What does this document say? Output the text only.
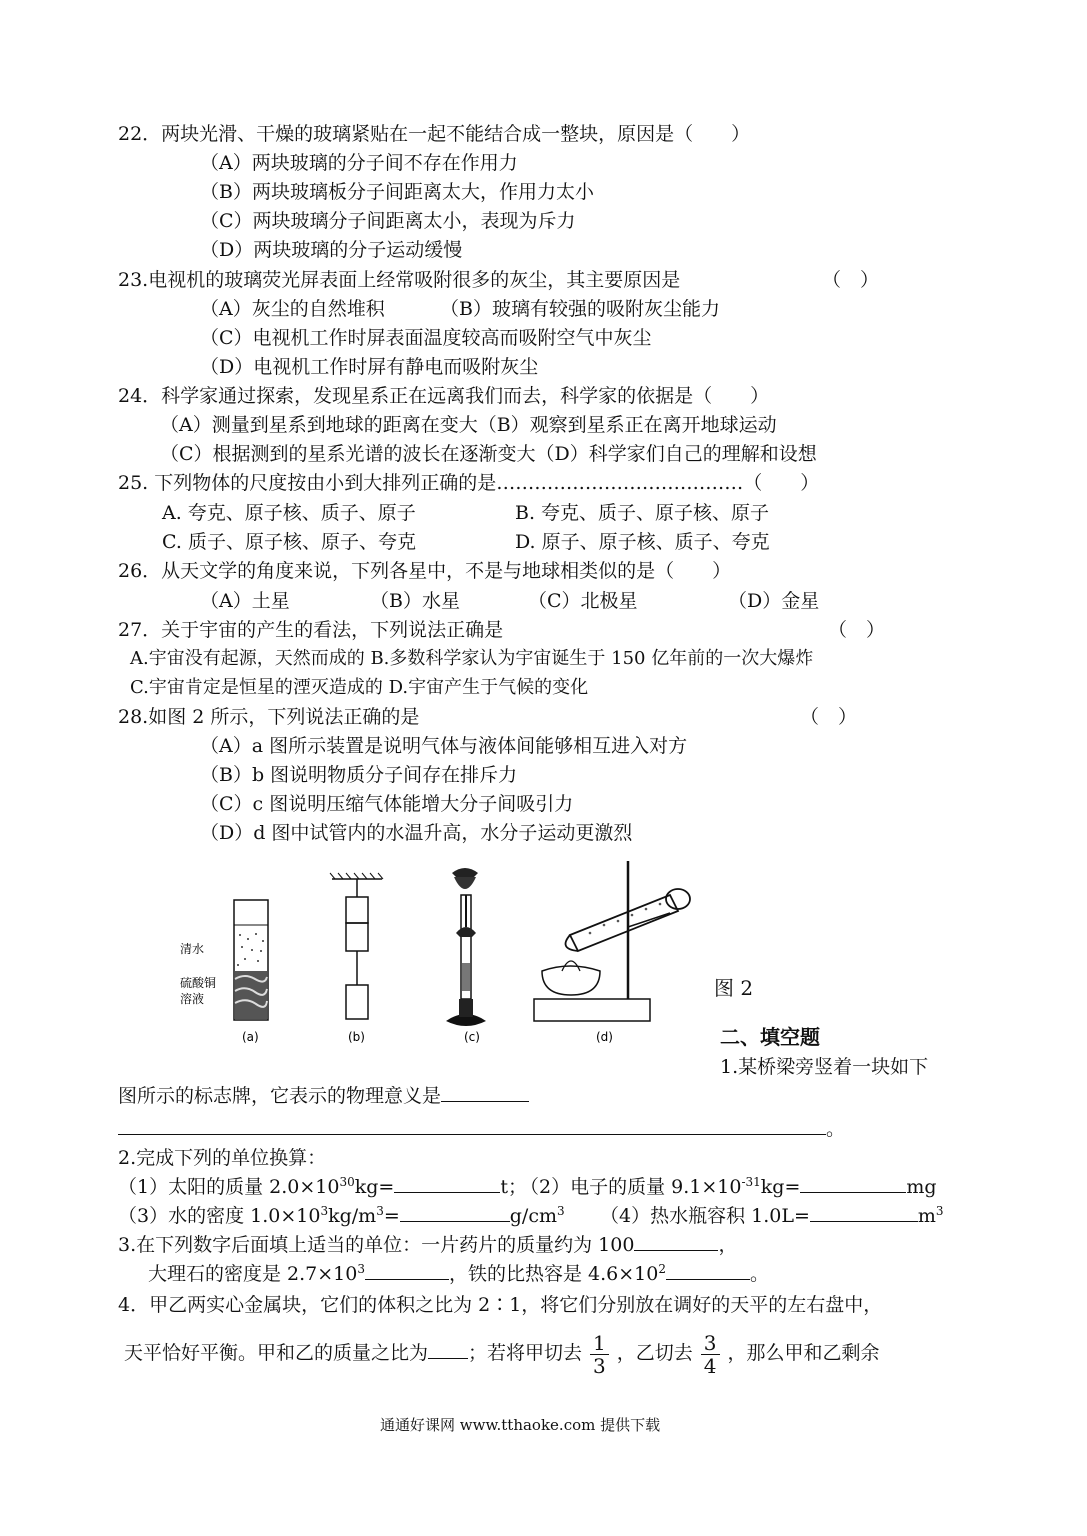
22．两块光滑、干燥的玻璃紧贴在一起不能结合成一整块，原因是（　　）
（A）两块玻璃的分子间不存在作用力
（B）两块玻璃板分子间距离太大，作用力太小
（C）两块玻璃分子间距离太小，表现为斥力
（D）两块玻璃的分子运动缓慢
23.电视机的玻璃荧光屏表面上经常吸附很多的灰尘，其主要原因是	（　）
（A）灰尘的自然堆积	（B）玻璃有较强的吸附灰尘能力
（C）电视机工作时屏表面温度较高而吸附空气中灰尘
（D）电视机工作时屏有静电而吸附灰尘
24．科学家通过探索，发现星系正在远离我们而去，科学家的依据是（　　）
（A）测量到星系到地球的距离在变大（B）观察到星系正在离开地球运动
（C）根据测到的星系光谱的波长在逐渐变大（D）科学家们自己的理解和设想
25. 下列物体的尺度按由小到大排列正确的是…………………………………（　　）
A. 夸克、原子核、质子、原子	B. 夸克、质子、原子核、原子
C. 质子、原子核、原子、夸克	D. 原子、原子核、质子、夸克
26．从天文学的角度来说，下列各星中，不是与地球相类似的是（　　）
（A）土星	（B）水星	（C）北极星	（D）金星
27．关于宇宙的产生的看法，下列说法正确是	（　）
A.宇宙没有起源，天然而成的 B.多数科学家认为宇宙诞生于 150 亿年前的一次大爆炸
C.宇宙肯定是恒星的湮灭造成的 D.宇宙产生于气候的变化
28.如图 2 所示，下列说法正确的是	（　）
（A）a 图所示装置是说明气体与液体间能够相互进入对方
（B）b 图说明物质分子间存在排斥力
（C）c 图说明压缩气体能增大分子间吸引力
（D）d 图中试管内的水温升高，水分子运动更激烈
清水
硫酸铜
溶液
(a)	(b)	(c)	(d)
图 2
二、填空题
1.某桥梁旁竖着一块如下
图所示的标志牌，它表示的物理意义是
。
2.完成下列的单位换算：
（1）太阳的质量 $2.0\times 10^{30}kg=$	t；
（2）电子的质量 $9.1\times 10^{-31}kg=$	mg
（3）水的密度 $1.0\times 10^3kg/m^3=$	$g/cm^3$ （4）热水瓶容积 1.0L=	$m^3$
3.在下列数字后面填上适当的单位：一片药片的质量约为 100	，
大理石的密度是 $2.7\times 10^3$	，铁的比热容是 $4.6\times 10^2$	。
4．甲乙两实心金属块，它们的体积之比为 2∶1，将它们分别放在调好的天平的左右盘中，
天平恰好平衡。甲和乙的质量之比为 ；若将甲切去 $\frac{1}{3}$ ，乙切去 $\frac{3}{4}$ ，那么甲和乙剩余
通通好课网 www.tthaoke.com 提供下载
